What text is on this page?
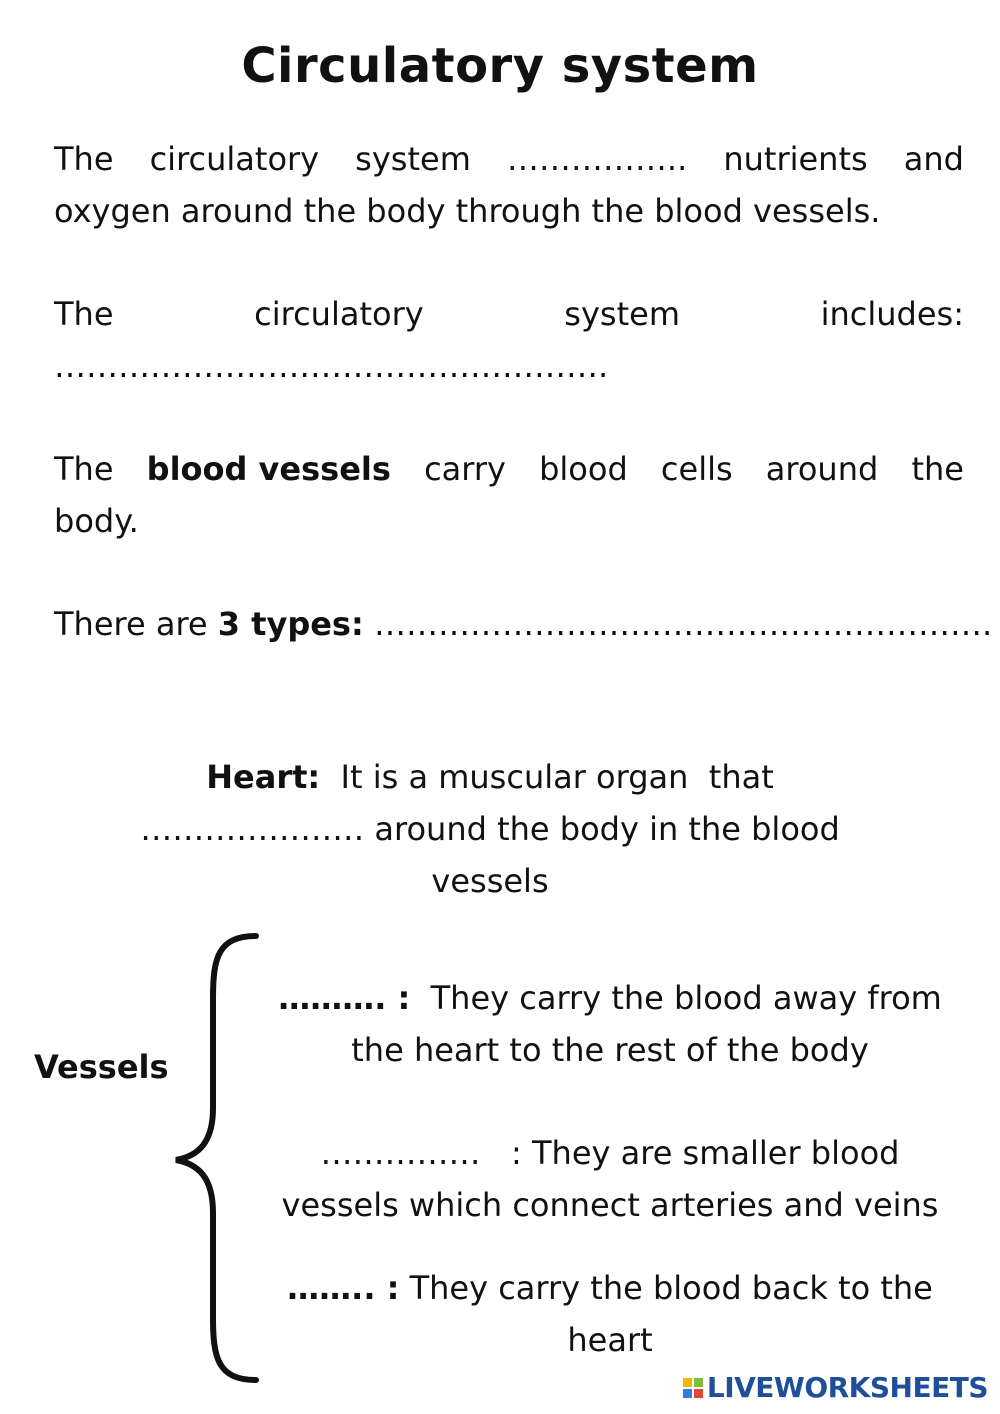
Circulatory system
The circulatory system …………….. nutrients and
oxygen around the body through the blood vessels.
The	circulatory	system	includes:
…………………………………………….
The blood vessels carry blood cells around the
body.
There are 3 types: ………………………………………………….
Heart:  It is a muscular organ  that
………………… around the body in the blood
vessels
Vessels
………. :  They carry the blood away from
the heart to the rest of the body
……………   : They are smaller blood
vessels which connect arteries and veins
…….. : They carry the blood back to the
heart
LIVEWORKSHEETS
